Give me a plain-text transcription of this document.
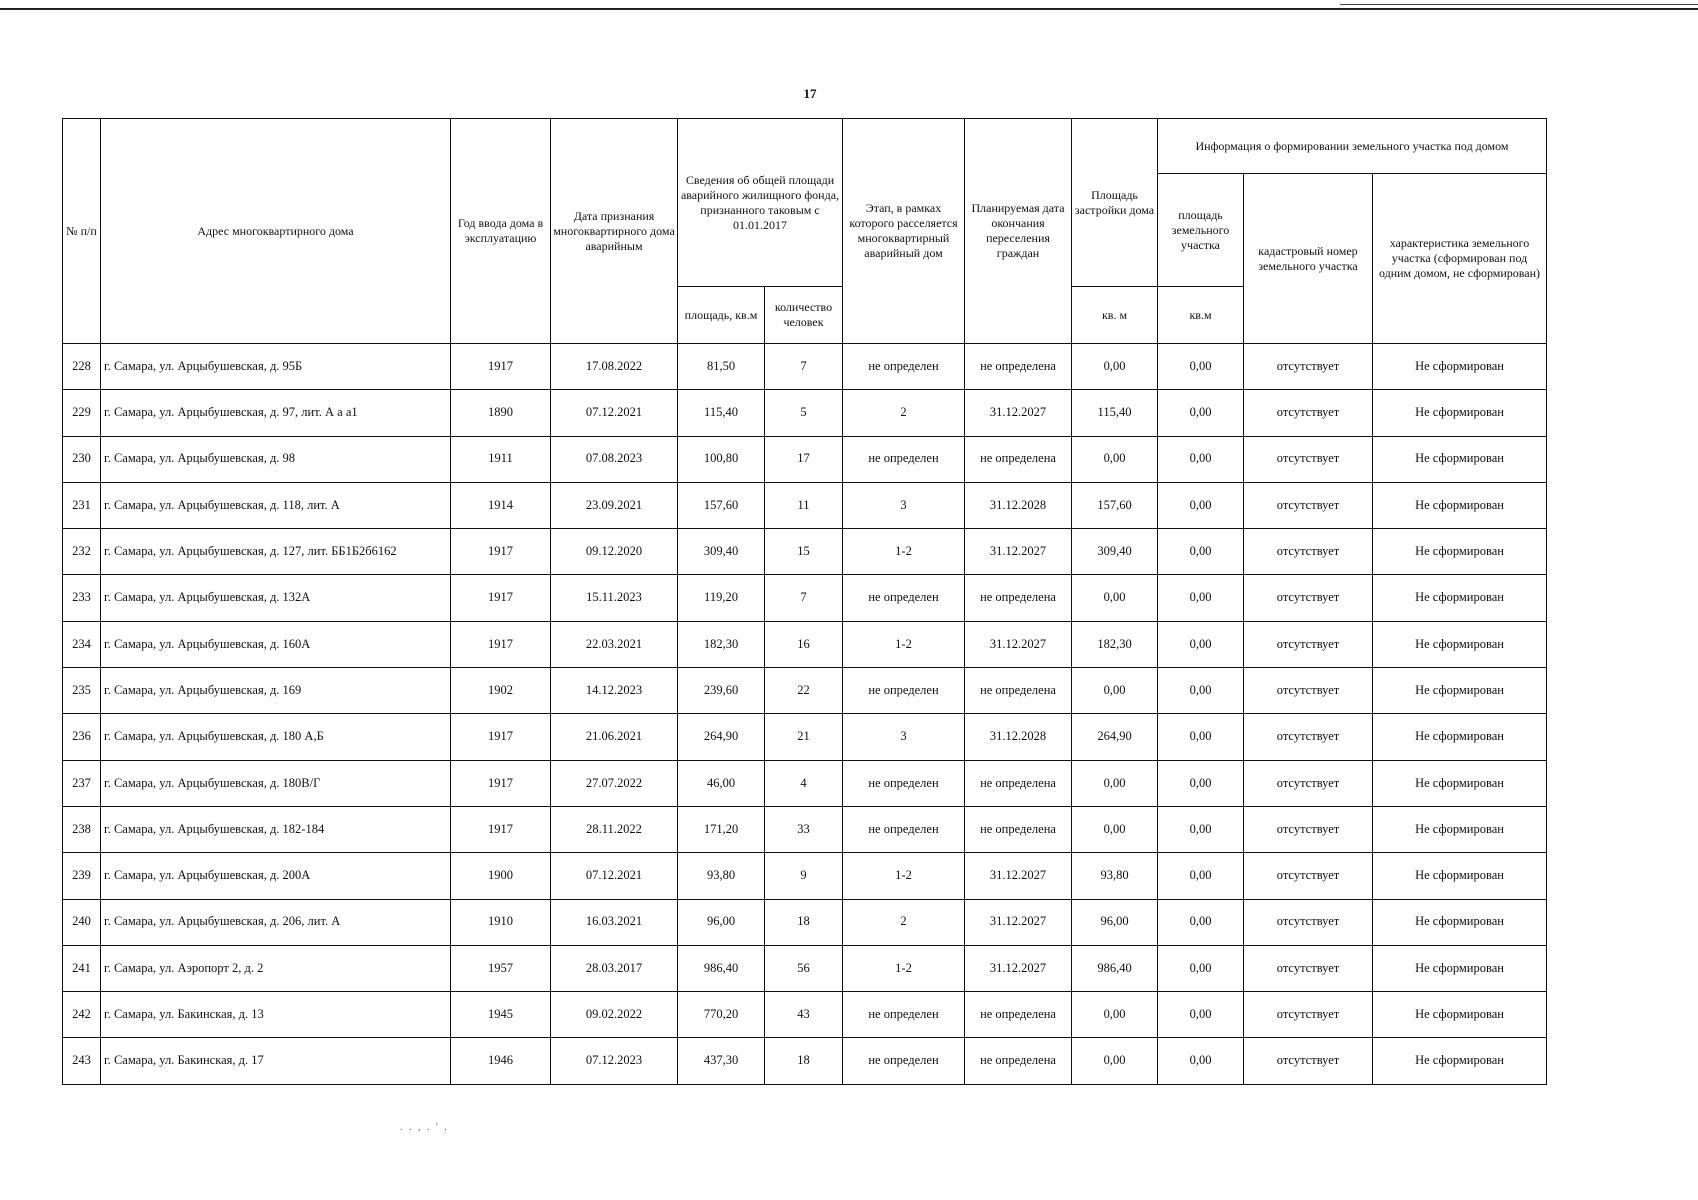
17
№ п/п	Адрес многоквартирного дома	Год ввода дома в эксплуатацию	Дата признания многоквартирного дома аварийным	Сведения об общей площади аварийного жилищного фонда, признанного таковым с 01.01.2017		Этап, в рамках которого расселяется многоквартирный аварийный дом	Планируемая дата окончания переселения граждан	Площадь застройки дома	Информация о формировании земельного участка под домом		
									площадь земельного участка	кадастровый номер земельного участка	характеристика земельного участка (сформирован под одним домом, не сформирован)
				площадь, кв.м	количество человек			кв. м	кв.м		
228	г. Самара, ул. Арцыбушевская, д. 95Б	1917	17.08.2022	81,50	7	не определен	не определена	0,00	0,00	отсутствует	Не сформирован
229	г. Самара, ул. Арцыбушевская, д. 97, лит. А а а1	1890	07.12.2021	115,40	5	2	31.12.2027	115,40	0,00	отсутствует	Не сформирован
230	г. Самара, ул. Арцыбушевская, д. 98	1911	07.08.2023	100,80	17	не определен	не определена	0,00	0,00	отсутствует	Не сформирован
231	г. Самара, ул. Арцыбушевская, д. 118, лит. А	1914	23.09.2021	157,60	11	3	31.12.2028	157,60	0,00	отсутствует	Не сформирован
232	г. Самара, ул. Арцыбушевская, д. 127, лит. ББ1Б2б6162	1917	09.12.2020	309,40	15	1-2	31.12.2027	309,40	0,00	отсутствует	Не сформирован
233	г. Самара, ул. Арцыбушевская, д. 132А	1917	15.11.2023	119,20	7	не определен	не определена	0,00	0,00	отсутствует	Не сформирован
234	г. Самара, ул. Арцыбушевская, д. 160А	1917	22.03.2021	182,30	16	1-2	31.12.2027	182,30	0,00	отсутствует	Не сформирован
235	г. Самара, ул. Арцыбушевская, д. 169	1902	14.12.2023	239,60	22	не определен	не определена	0,00	0,00	отсутствует	Не сформирован
236	г. Самара, ул. Арцыбушевская, д. 180 А,Б	1917	21.06.2021	264,90	21	3	31.12.2028	264,90	0,00	отсутствует	Не сформирован
237	г. Самара, ул. Арцыбушевская, д. 180В/Г	1917	27.07.2022	46,00	4	не определен	не определена	0,00	0,00	отсутствует	Не сформирован
238	г. Самара, ул. Арцыбушевская, д. 182-184	1917	28.11.2022	171,20	33	не определен	не определена	0,00	0,00	отсутствует	Не сформирован
239	г. Самара, ул. Арцыбушевская, д. 200А	1900	07.12.2021	93,80	9	1-2	31.12.2027	93,80	0,00	отсутствует	Не сформирован
240	г. Самара, ул. Арцыбушевская, д. 206, лит. А	1910	16.03.2021	96,00	18	2	31.12.2027	96,00	0,00	отсутствует	Не сформирован
241	г. Самара, ул. Аэропорт 2, д. 2	1957	28.03.2017	986,40	56	1-2	31.12.2027	986,40	0,00	отсутствует	Не сформирован
242	г. Самара, ул. Бакинская, д. 13	1945	09.02.2022	770,20	43	не определен	не определена	0,00	0,00	отсутствует	Не сформирован
243	г. Самара, ул. Бакинская, д. 17	1946	07.12.2023	437,30	18	не определен	не определена	0,00	0,00	отсутствует	Не сформирован
. . , . ' .
